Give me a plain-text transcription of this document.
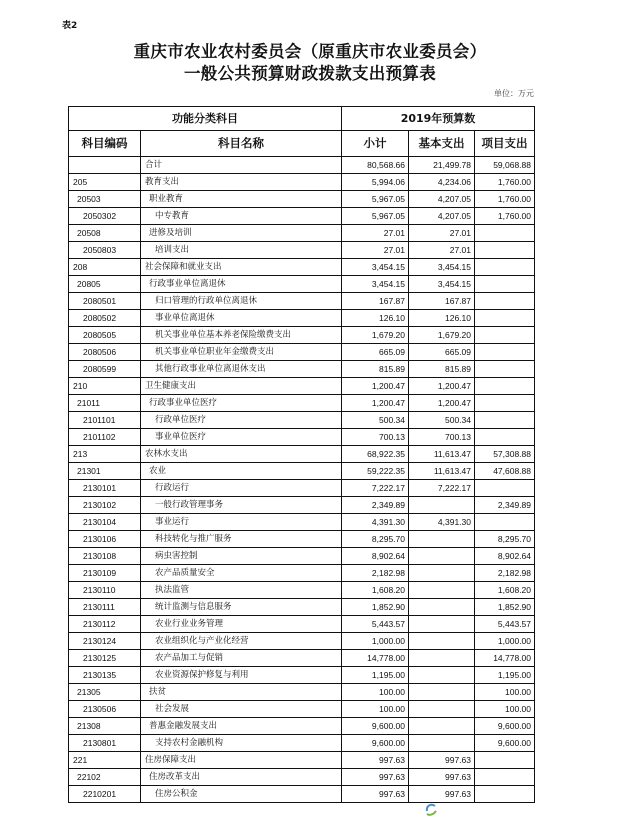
表2
重庆市农业农村委员会（原重庆市农业委员会）
一般公共预算财政拨款支出预算表
单位：万元
功能分类科目		2019年预算数		
科目编码	科目名称	小计	基本支出	项目支出
	合计	80,568.66	21,499.78	59,068.88
205	教育支出	5,994.06	4,234.06	1,760.00
20503	职业教育	5,967.05	4,207.05	1,760.00
2050302	中专教育	5,967.05	4,207.05	1,760.00
20508	进修及培训	27.01	27.01	
2050803	培训支出	27.01	27.01	
208	社会保障和就业支出	3,454.15	3,454.15	
20805	行政事业单位离退休	3,454.15	3,454.15	
2080501	归口管理的行政单位离退休	167.87	167.87	
2080502	事业单位离退休	126.10	126.10	
2080505	机关事业单位基本养老保险缴费支出	1,679.20	1,679.20	
2080506	机关事业单位职业年金缴费支出	665.09	665.09	
2080599	其他行政事业单位离退休支出	815.89	815.89	
210	卫生健康支出	1,200.47	1,200.47	
21011	行政事业单位医疗	1,200.47	1,200.47	
2101101	行政单位医疗	500.34	500.34	
2101102	事业单位医疗	700.13	700.13	
213	农林水支出	68,922.35	11,613.47	57,308.88
21301	农业	59,222.35	11,613.47	47,608.88
2130101	行政运行	7,222.17	7,222.17	
2130102	一般行政管理事务	2,349.89		2,349.89
2130104	事业运行	4,391.30	4,391.30	
2130106	科技转化与推广服务	8,295.70		8,295.70
2130108	病虫害控制	8,902.64		8,902.64
2130109	农产品质量安全	2,182.98		2,182.98
2130110	执法监管	1,608.20		1,608.20
2130111	统计监测与信息服务	1,852.90		1,852.90
2130112	农业行业业务管理	5,443.57		5,443.57
2130124	农业组织化与产业化经营	1,000.00		1,000.00
2130125	农产品加工与促销	14,778.00		14,778.00
2130135	农业资源保护修复与利用	1,195.00		1,195.00
21305	扶贫	100.00		100.00
2130506	社会发展	100.00		100.00
21308	普惠金融发展支出	9,600.00		9,600.00
2130801	支持农村金融机构	9,600.00		9,600.00
221	住房保障支出	997.63	997.63	
22102	住房改革支出	997.63	997.63	
2210201	住房公积金	997.63	997.63	
